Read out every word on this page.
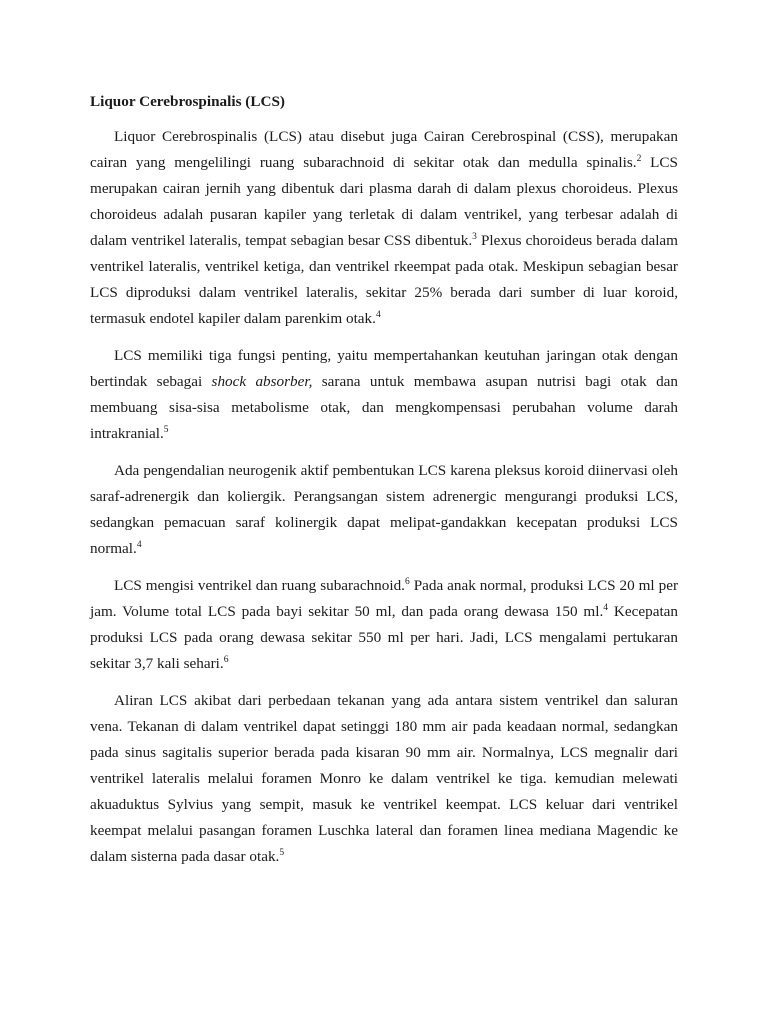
Liquor Cerebrospinalis (LCS)

Liquor Cerebrospinalis (LCS) atau disebut juga Cairan Cerebrospinal (CSS), merupakan cairan yang mengelilingi ruang subarachnoid di sekitar otak dan medulla spinalis.$^2$ LCS merupakan cairan jernih yang dibentuk dari plasma darah di dalam plexus choroideus. Plexus choroideus adalah pusaran kapiler yang terletak di dalam ventrikel, yang terbesar adalah di dalam ventrikel lateralis, tempat sebagian besar CSS dibentuk.$^3$ Plexus choroideus berada dalam ventrikel lateralis, ventrikel ketiga, dan ventrikel rkeempat pada otak. Meskipun sebagian besar LCS diproduksi dalam ventrikel lateralis, sekitar 25% berada dari sumber di luar koroid, termasuk endotel kapiler dalam parenkim otak.$^4$

LCS memiliki tiga fungsi penting, yaitu mempertahankan keutuhan jaringan otak dengan bertindak sebagai shock absorber, sarana untuk membawa asupan nutrisi bagi otak dan membuang sisa-sisa metabolisme otak, dan mengkompensasi perubahan volume darah intrakranial.$^5$

Ada pengendalian neurogenik aktif pembentukan LCS karena pleksus koroid diinervasi oleh saraf-adrenergik dan koliergik. Perangsangan sistem adrenergic mengurangi produksi LCS, sedangkan pemacuan saraf kolinergik dapat melipat-gandakkan kecepatan produksi LCS normal.$^4$

LCS mengisi ventrikel dan ruang subarachnoid.$^6$ Pada anak normal, produksi LCS 20 ml per jam. Volume total LCS pada bayi sekitar 50 ml, dan pada orang dewasa 150 ml.$^4$ Kecepatan produksi LCS pada orang dewasa sekitar 550 ml per hari. Jadi, LCS mengalami pertukaran sekitar 3,7 kali sehari.$^6$

Aliran LCS akibat dari perbedaan tekanan yang ada antara sistem ventrikel dan saluran vena. Tekanan di dalam ventrikel dapat setinggi 180 mm air pada keadaan normal, sedangkan pada sinus sagitalis superior berada pada kisaran 90 mm air. Normalnya, LCS megnalir dari ventrikel lateralis melalui foramen Monro ke dalam ventrikel ke tiga. kemudian melewati akuaduktus Sylvius yang sempit, masuk ke ventrikel keempat. LCS keluar dari ventrikel keempat melalui pasangan foramen Luschka lateral dan foramen linea mediana Magendic ke dalam sisterna pada dasar otak.$^5$
